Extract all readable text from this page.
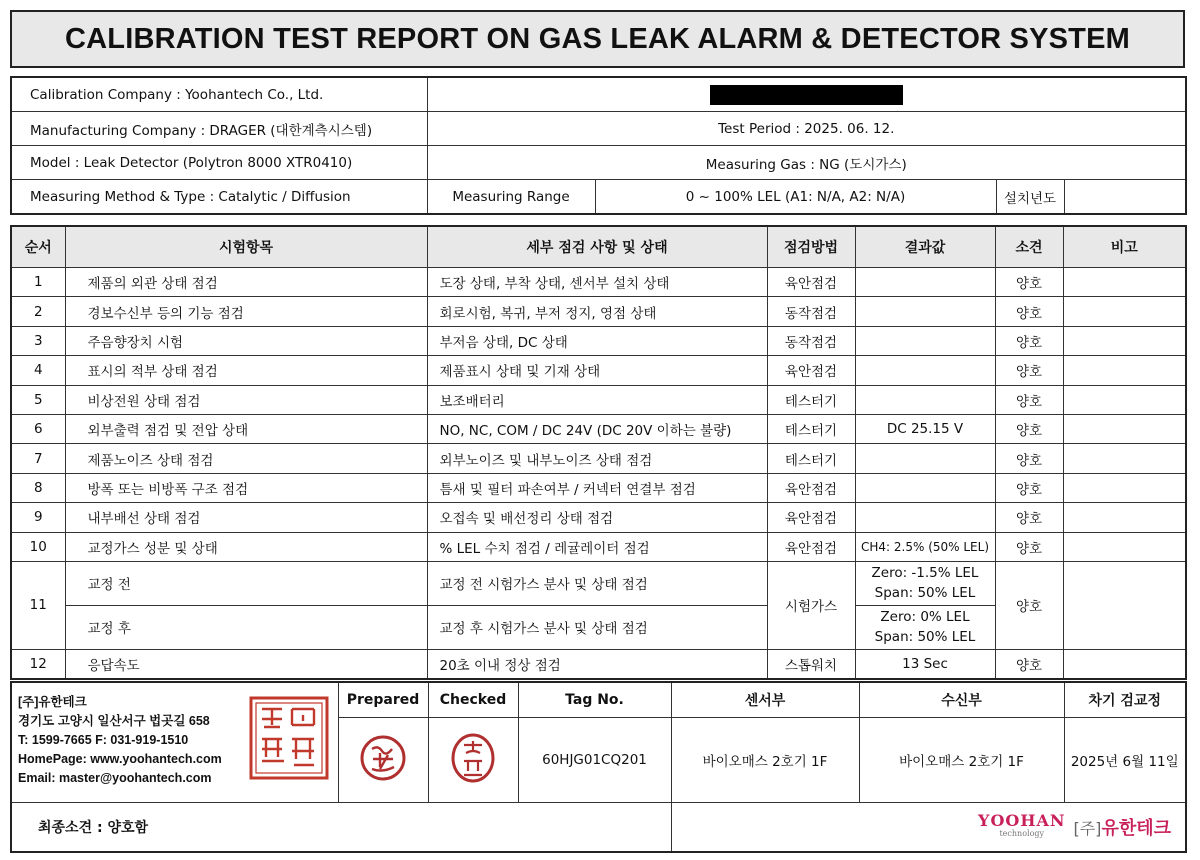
CALIBRATION TEST REPORT ON GAS LEAK ALARM & DETECTOR SYSTEM
Calibration Company : Yoohantech Co., Ltd.				
Manufacturing Company : DRAGER (대한계측시스템)	Test Period : 2025. 06. 12.			
Model : Leak Detector (Polytron 8000 XTR0410)	Measuring Gas : NG (도시가스)			
Measuring Method & Type : Catalytic / Diffusion	Measuring Range	0 ~ 100% LEL (A1: N/A, A2: N/A)	설치년도	
순서	시험항목	세부 점검 사항 및 상태	점검방법	결과값	소견	비고
1	제품의 외관 상태 점검	도장 상태, 부착 상태, 센서부 설치 상태	육안점검		양호	
2	경보수신부 등의 기능 점검	회로시험, 복귀, 부저 정지, 영점 상태	동작점검		양호	
3	주음향장치 시험	부저음 상태, DC 상태	동작점검		양호	
4	표시의 적부 상태 점검	제품표시 상태 및 기재 상태	육안점검		양호	
5	비상전원 상태 점검	보조배터리	테스터기		양호	
6	외부출력 점검 및 전압 상태	NO, NC, COM / DC 24V (DC 20V 이하는 불량)	테스터기	DC 25.15 V	양호	
7	제품노이즈 상태 점검	외부노이즈 및 내부노이즈 상태 점검	테스터기		양호	
8	방폭 또는 비방폭 구조 점검	틈새 및 필터 파손여부 / 커넥터 연결부 점검	육안점검		양호	
9	내부배선 상태 점검	오접속 및 배선정리 상태 점검	육안점검		양호	
10	교정가스 성분 및 상태	% LEL 수치 점검 / 레귤레이터 점검	육안점검	CH4: 2.5% (50% LEL)	양호	
11	교정 전	교정 전 시험가스 분사 및 상태 점검	시험가스	Zero: -1.5% LEL
Span: 50% LEL	양호	
	교정 후	교정 후 시험가스 분사 및 상태 점검		Zero: 0% LEL
Span: 50% LEL		

12	응답속도	20초 이내 정상 점검	스톱워치	13 Sec	양호	
[주]유한테크
경기도 고양시 일산서구 법곳길 658
T: 1599-7665 F: 031-919-1510
HomePage: www.yoohantech.com
Email: master@yoohantech.com	Prepared	Checked	Tag No.	센서부	수신부	차기 검교정
		60HJG01CQ201	바이오매스 2호기 1F	바이오매스 2호기 1F	2025년 6월 11일
최종소견 : 양호함				YOOHAN
technology [주]유한테크		
